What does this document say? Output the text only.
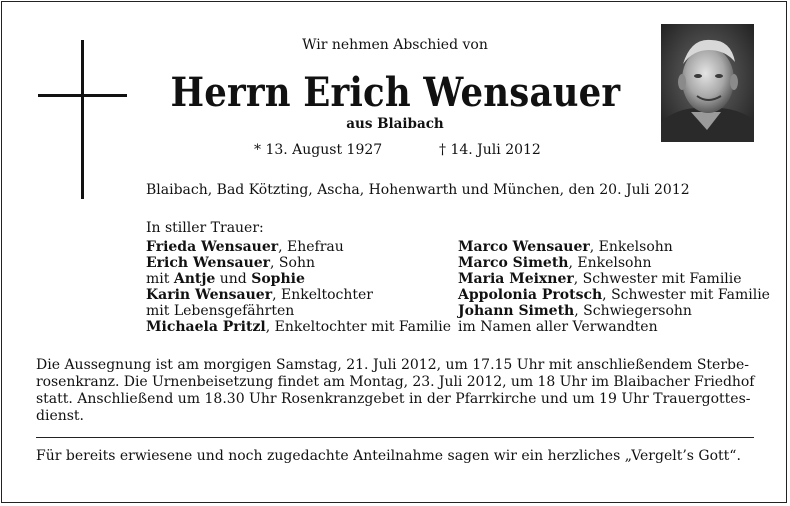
Wir nehmen Abschied von
Herrn Erich Wensauer
aus Blaibach
* 13. August 1927	† 14. Juli 2012
Blaibach, Bad Kötzting, Ascha, Hohenwarth und München, den 20. Juli 2012
In stiller Trauer:
Frieda Wensauer, Ehefrau
Erich Wensauer, Sohn
mit Antje und Sophie
Karin Wensauer, Enkeltochter
mit Lebensgefährten
Michaela Pritzl, Enkeltochter mit Familie
Marco Wensauer, Enkelsohn
Marco Simeth, Enkelsohn
Maria Meixner, Schwester mit Familie
Appolonia Protsch, Schwester mit Familie
Johann Simeth, Schwiegersohn
im Namen aller Verwandten
Die Aussegnung ist am morgigen Samstag, 21. Juli 2012, um 17.15 Uhr mit anschließendem Sterbe-
rosenkranz. Die Urnenbeisetzung findet am Montag, 23. Juli 2012, um 18 Uhr im Blaibacher Friedhof
statt. Anschließend um 18.30 Uhr Rosenkranzgebet in der Pfarrkirche und um 19 Uhr Trauergottes-
dienst.
Für bereits erwiesene und noch zugedachte Anteilnahme sagen wir ein herzliches „Vergelt’s Gott“.
